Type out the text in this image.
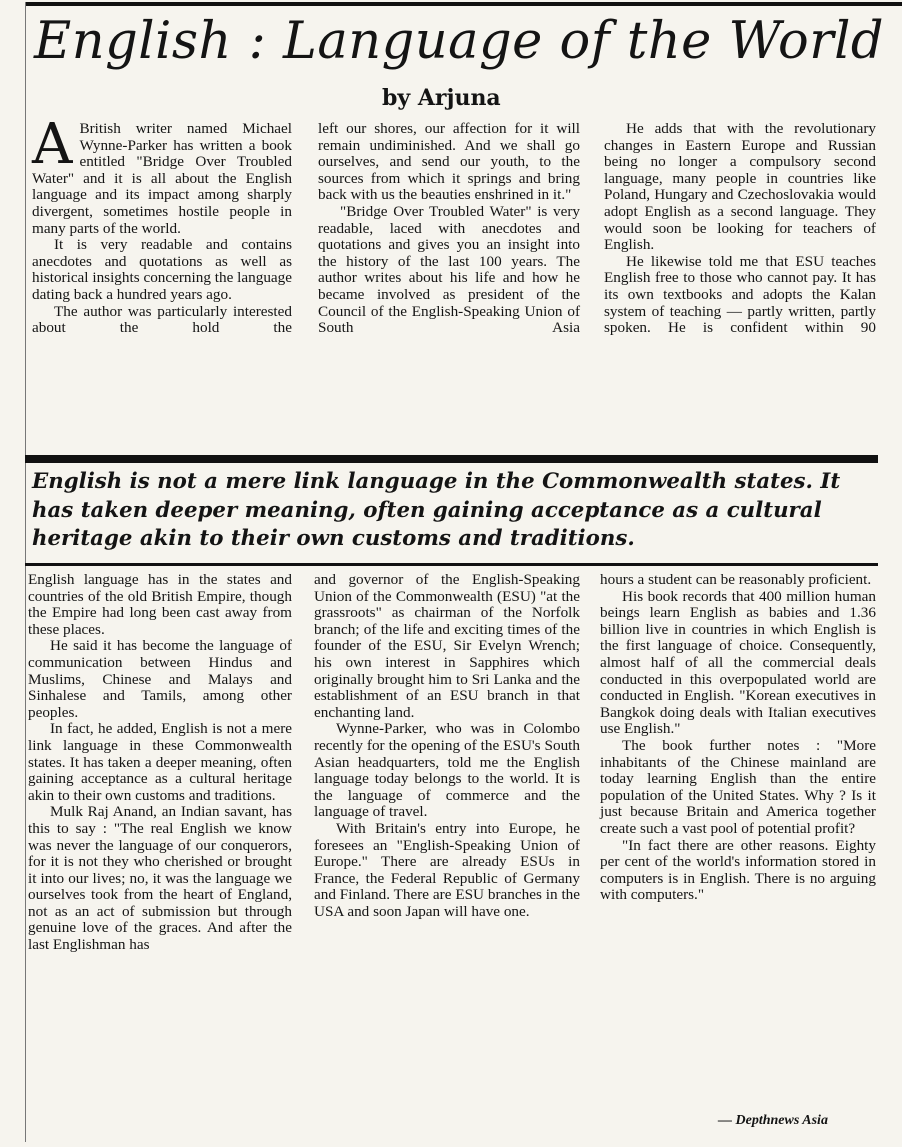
English : Language of the World
by Arjuna

A British writer named Michael Wynne-Parker has written a book entitled "Bridge Over Troubled Water" and it is all about the English language and its impact among sharply divergent, sometimes hostile people in many parts of the world.

It is very readable and contains anecdotes and quotations as well as historical insights concerning the language dating back a hundred years ago.

The author was particularly interested about the hold the

left our shores, our affection for it will remain undiminished. And we shall go ourselves, and send our youth, to the sources from which it springs and bring back with us the beauties enshrined in it."

"Bridge Over Troubled Water" is very readable, laced with anecdotes and quotations and gives you an insight into the history of the last 100 years. The author writes about his life and how he became involved as president of the Council of the English-Speaking Union of South Asia

He adds that with the revolutionary changes in Eastern Europe and Russian being no longer a compulsory second language, many people in countries like Poland, Hungary and Czechoslovakia would adopt English as a second language. They would soon be looking for teachers of English.

He likewise told me that ESU teaches English free to those who cannot pay. It has its own textbooks and adopts the Kalan system of teaching — partly written, partly spoken. He is confident within 90

English is not a mere link language in the Commonwealth states. It has taken deeper meaning, often gaining acceptance as a cultural heritage akin to their own customs and traditions.

English language has in the states and countries of the old British Empire, though the Empire had long been cast away from these places.

He said it has become the language of communication between Hindus and Muslims, Chinese and Malays and Sinhalese and Tamils, among other peoples.

In fact, he added, English is not a mere link language in these Commonwealth states. It has taken a deeper meaning, often gaining acceptance as a cultural heritage akin to their own customs and traditions.

Mulk Raj Anand, an Indian savant, has this to say : "The real English we know was never the language of our conquerors, for it is not they who cherished or brought it into our lives; no, it was the language we ourselves took from the heart of England, not as an act of submission but through genuine love of the graces. And after the last Englishman has

and governor of the English-Speaking Union of the Commonwealth (ESU) "at the grassroots" as chairman of the Norfolk branch; of the life and exciting times of the founder of the ESU, Sir Evelyn Wrench; his own interest in Sapphires which originally brought him to Sri Lanka and the establishment of an ESU branch in that enchanting land.

Wynne-Parker, who was in Colombo recently for the opening of the ESU's South Asian headquarters, told me the English language today belongs to the world. It is the language of commerce and the language of travel.

With Britain's entry into Europe, he foresees an "English-Speaking Union of Europe." There are already ESUs in France, the Federal Republic of Germany and Finland. There are ESU branches in the USA and soon Japan will have one.

hours a student can be reasonably proficient.

His book records that 400 million human beings learn English as babies and 1.36 billion live in countries in which English is the first language of choice. Consequently, almost half of all the commercial deals conducted in this overpopulated world are conducted in English. "Korean executives in Bangkok doing deals with Italian executives use English."

The book further notes : "More inhabitants of the Chinese mainland are today learning English than the entire population of the United States. Why ? Is it just because Britain and America together create such a vast pool of potential profit?

"In fact there are other reasons. Eighty per cent of the world's information stored in computers is in English. There is no arguing with computers."

— Depthnews Asia
